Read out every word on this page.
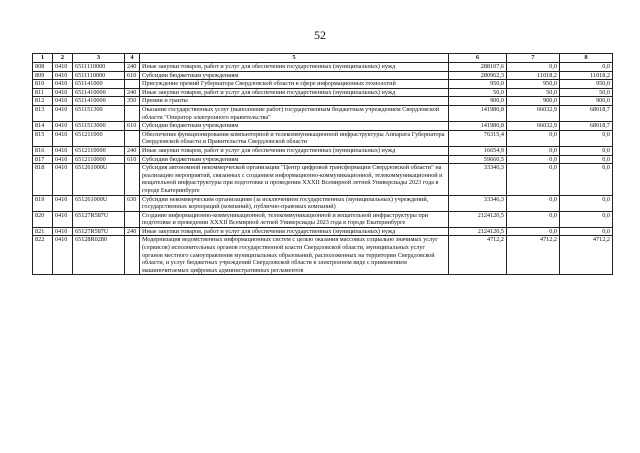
52
1	2	3	4	5	6	7	8
808	0410	6511110000	240	Иные закупки товаров, работ и услуг для обеспечения государственных (муниципальных) нужд	288107,6	0,0	0,0
809	0410	6511110000	610	Субсидии бюджетным учреждениям	280962,3	11018,2	11018,2
810	0410	651141000		Присуждение премий Губернатора Свердловской области в сфере информационных технологий	950,0	950,0	950,0
811	0410	6511410000	240	Иные закупки товаров, работ и услуг для обеспечения государственных (муниципальных) нужд	50,0	50,0	50,0
812	0410	6511410000	350	Премии и гранты	900,0	900,0	900,0
813	0410	651151300		Оказание государственных услуг (выполнение работ) государственным бюджетным учреждением Свердловской области "Оператор электронного правительства"	141980,8	66032,9	68018,7
814	0410	6511513000	610	Субсидии бюджетным учреждениям	141980,8	66032,9	68018,7
815	0410	651211000		Обеспечение функционирования компьютерной и телекоммуникационной инфраструктуры Аппарата Губернатора Свердловской области и Правительства Свердловской области	76315,4	0,0	0,0
816	0410	6512110000	240	Иные закупки товаров, работ и услуг для обеспечения государственных (муниципальных) нужд	16654,9	0,0	0,0
817	0410	6512110000	610	Субсидии бюджетным учреждениям	59660,5	0,0	0,0
818	0410	651261000U		Субсидия автономной некоммерческой организации "Центр цифровой трансформации Свердловской области" на реализацию мероприятий, связанных с созданием информационно-коммуникационной, телекоммуникационной и вещательной инфраструктуры при подготовке и проведении XXXII Всемирной летней Универсиады 2023 года в городе Екатеринбурге	33346,3	0,0	0,0
819	0410	651261000U	630	Субсидии некоммерческим организациям (за исключением государственных (муниципальных) учреждений, государственных корпораций (компаний), публично-правовых компаний)	33346,3	0,0	0,0
820	0410	65127R587U		Создание информационно-коммуникационной, телекоммуникационной и вещательной инфраструктуры при подготовке и проведении XXXII Всемирной летней Универсиады 2023 года в городе Екатеринбурге	2124120,5	0,0	0,0
821	0410	65127R587U	240	Иные закупки товаров, работ и услуг для обеспечения государственных (муниципальных) нужд	2124120,5	0,0	0,0
822	0410	65128R0280		Модернизация ведомственных информационных систем с целью оказания массовых социально значимых услуг (сервисов) исполнительных органов государственной власти Свердловской области, муниципальных услуг органов местного самоуправления муниципальных образований, расположенных на территории Свердловской области, и услуг бюджетных учреждений Свердловской области в электронном виде с применением машиночитаемых цифровых административных регламентов	4712,2	4712,2	4712,2
